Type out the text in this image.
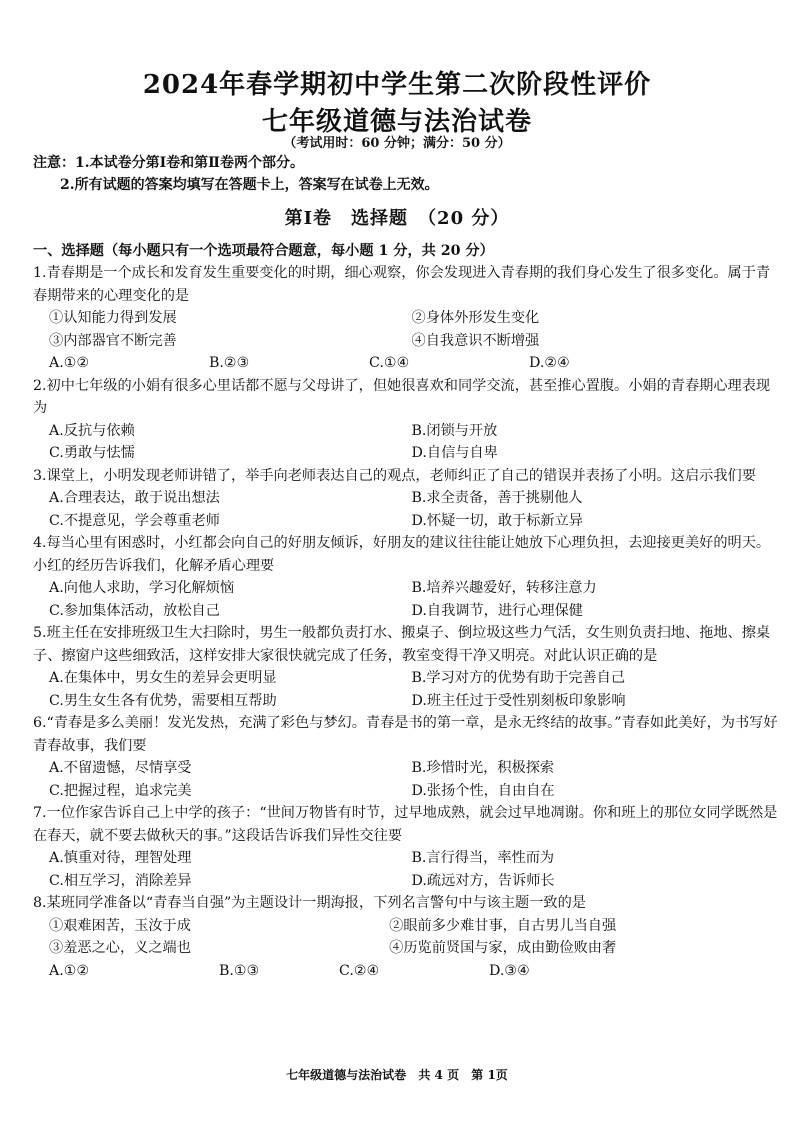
2024年春学期初中学生第二次阶段性评价
七年级道德与法治试卷
（考试用时：60 分钟；满分：50 分）
注意：1.本试卷分第Ⅰ卷和第Ⅱ卷两个部分。
2.所有试题的答案均填写在答题卡上，答案写在试卷上无效。
第Ⅰ卷　选择题　（20 分）
一、选择题（每小题只有一个选项最符合题意，每小题 1 分，共 20 分）
1.青春期是一个成长和发育发生重要变化的时期，细心观察，你会发现进入青春期的我们身心发生了很多变化。属于青春期带来的心理变化的是
①认知能力得到发展	②身体外形发生变化
③内部器官不断完善	④自我意识不断增强
A.①②	B.②③	C.①④	D.②④
2.初中七年级的小娟有很多心里话都不愿与父母讲了，但她很喜欢和同学交流，甚至推心置腹。小娟的青春期心理表现为
A.反抗与依赖	B.闭锁与开放
C.勇敢与怯懦	D.自信与自卑
3.课堂上，小明发现老师讲错了，举手向老师表达自己的观点，老师纠正了自己的错误并表扬了小明。这启示我们要
A.合理表达，敢于说出想法	B.求全责备，善于挑剔他人
C.不提意见，学会尊重老师	D.怀疑一切，敢于标新立异
4.每当心里有困惑时，小红都会向自己的好朋友倾诉，好朋友的建议往往能让她放下心理负担，去迎接更美好的明天。小红的经历告诉我们，化解矛盾心理要
A.向他人求助，学习化解烦恼	B.培养兴趣爱好，转移注意力
C.参加集体活动，放松自己	D.自我调节，进行心理保健
5.班主任在安排班级卫生大扫除时，男生一般都负责打水、搬桌子、倒垃圾这些力气活，女生则负责扫地、拖地、擦桌子、擦窗户这些细致活，这样安排大家很快就完成了任务，教室变得干净又明亮。对此认识正确的是
A.在集体中，男女生的差异会更明显	B.学习对方的优势有助于完善自己
C.男生女生各有优势，需要相互帮助	D.班主任过于受性别刻板印象影响
6.“青春是多么美丽！发光发热，充满了彩色与梦幻。青春是书的第一章，是永无终结的故事。”青春如此美好，为书写好青春故事，我们要
A.不留遗憾，尽情享受	B.珍惜时光，积极探索
C.把握过程，追求完美	D.张扬个性，自由自在
7.一位作家告诉自己上中学的孩子：“世间万物皆有时节，过早地成熟，就会过早地凋谢。你和班上的那位女同学既然是在春天，就不要去做秋天的事。”这段话告诉我们异性交往要
A.慎重对待，理智处理	B.言行得当，率性而为
C.相互学习，消除差异	D.疏远对方，告诉师长
8.某班同学准备以“青春当自强”为主题设计一期海报，下列名言警句中与该主题一致的是
①艰难困苦，玉汝于成	②眼前多少难甘事，自古男儿当自强
③羞恶之心，义之端也	④历览前贤国与家，成由勤俭败由奢
A.①②	B.①③	C.②④	D.③④
七年级道德与法治试卷 共 4 页 第 1页
